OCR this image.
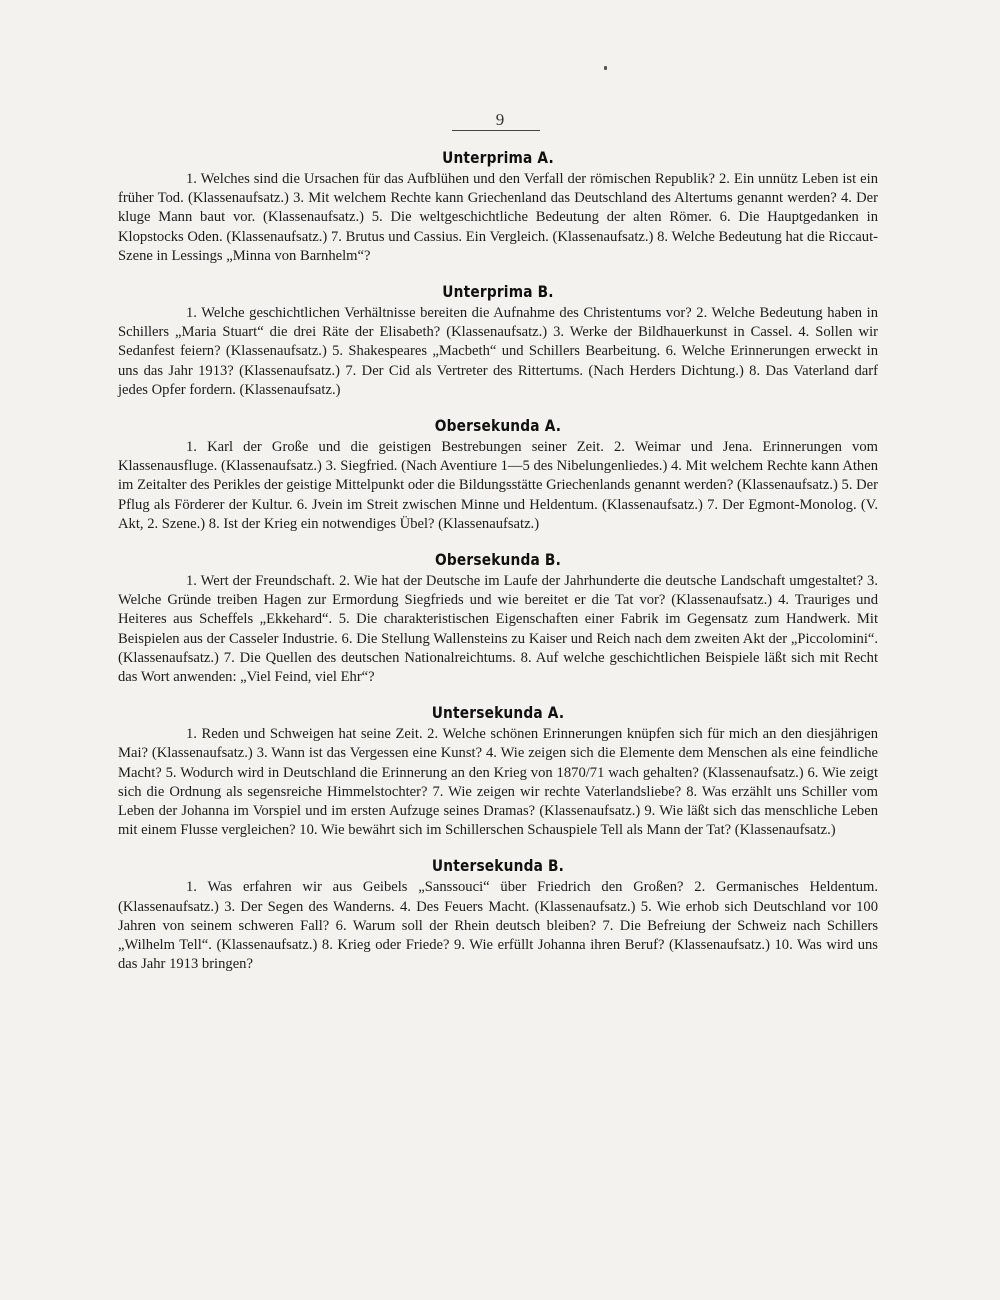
9
Unterprima A.

1. Welches sind die Ursachen für das Aufblühen und den Verfall der römischen Republik? 2. Ein unnütz Leben ist ein früher Tod. (Klassenaufsatz.) 3. Mit welchem Rechte kann Griechenland das Deutschland des Altertums genannt werden? 4. Der kluge Mann baut vor. (Klassenaufsatz.) 5. Die weltgeschichtliche Bedeutung der alten Römer. 6. Die Hauptgedanken in Klopstocks Oden. (Klassenaufsatz.) 7. Brutus und Cassius. Ein Vergleich. (Klassenaufsatz.) 8. Welche Bedeutung hat die Riccaut-Szene in Lessings „Minna von Barnhelm“?

Unterprima B.

1. Welche geschichtlichen Verhältnisse bereiten die Aufnahme des Christentums vor? 2. Welche Bedeutung haben in Schillers „Maria Stuart“ die drei Räte der Elisabeth? (Klassenaufsatz.) 3. Werke der Bildhauerkunst in Cassel. 4. Sollen wir Sedanfest feiern? (Klassenaufsatz.) 5. Shakespeares „Macbeth“ und Schillers Bearbeitung. 6. Welche Erinnerungen erweckt in uns das Jahr 1913? (Klassenaufsatz.) 7. Der Cid als Vertreter des Rittertums. (Nach Herders Dichtung.) 8. Das Vaterland darf jedes Opfer fordern. (Klassenaufsatz.)

Obersekunda A.

1. Karl der Große und die geistigen Bestrebungen seiner Zeit. 2. Weimar und Jena. Erinnerungen vom Klassenausfluge. (Klassenaufsatz.) 3. Siegfried. (Nach Aventiure 1—5 des Nibelungenliedes.) 4. Mit welchem Rechte kann Athen im Zeitalter des Perikles der geistige Mittelpunkt oder die Bildungsstätte Griechenlands genannt werden? (Klassenaufsatz.) 5. Der Pflug als Förderer der Kultur. 6. Jvein im Streit zwischen Minne und Heldentum. (Klassenaufsatz.) 7. Der Egmont-Monolog. (V. Akt, 2. Szene.) 8. Ist der Krieg ein notwendiges Übel? (Klassenaufsatz.)

Obersekunda B.

1. Wert der Freundschaft. 2. Wie hat der Deutsche im Laufe der Jahrhunderte die deutsche Landschaft umgestaltet? 3. Welche Gründe treiben Hagen zur Ermordung Siegfrieds und wie bereitet er die Tat vor? (Klassenaufsatz.) 4. Trauriges und Heiteres aus Scheffels „Ekkehard“. 5. Die charakteristischen Eigenschaften einer Fabrik im Gegensatz zum Handwerk. Mit Beispielen aus der Casseler Industrie. 6. Die Stellung Wallensteins zu Kaiser und Reich nach dem zweiten Akt der „Piccolomini“. (Klassenaufsatz.) 7. Die Quellen des deutschen Nationalreichtums. 8. Auf welche geschichtlichen Beispiele läßt sich mit Recht das Wort anwenden: „Viel Feind, viel Ehr“?

Untersekunda A.

1. Reden und Schweigen hat seine Zeit. 2. Welche schönen Erinnerungen knüpfen sich für mich an den diesjährigen Mai? (Klassenaufsatz.) 3. Wann ist das Vergessen eine Kunst? 4. Wie zeigen sich die Elemente dem Menschen als eine feindliche Macht? 5. Wodurch wird in Deutschland die Erinnerung an den Krieg von 1870/71 wach gehalten? (Klassenaufsatz.) 6. Wie zeigt sich die Ordnung als segensreiche Himmelstochter? 7. Wie zeigen wir rechte Vaterlandsliebe? 8. Was erzählt uns Schiller vom Leben der Johanna im Vorspiel und im ersten Aufzuge seines Dramas? (Klassenaufsatz.) 9. Wie läßt sich das menschliche Leben mit einem Flusse vergleichen? 10. Wie bewährt sich im Schillerschen Schauspiele Tell als Mann der Tat? (Klassenaufsatz.)

Untersekunda B.

1. Was erfahren wir aus Geibels „Sanssouci“ über Friedrich den Großen? 2. Germanisches Heldentum. (Klassenaufsatz.) 3. Der Segen des Wanderns. 4. Des Feuers Macht. (Klassenaufsatz.) 5. Wie erhob sich Deutschland vor 100 Jahren von seinem schweren Fall? 6. Warum soll der Rhein deutsch bleiben? 7. Die Befreiung der Schweiz nach Schillers „Wilhelm Tell“. (Klassenaufsatz.) 8. Krieg oder Friede? 9. Wie erfüllt Johanna ihren Beruf? (Klassenaufsatz.) 10. Was wird uns das Jahr 1913 bringen?
